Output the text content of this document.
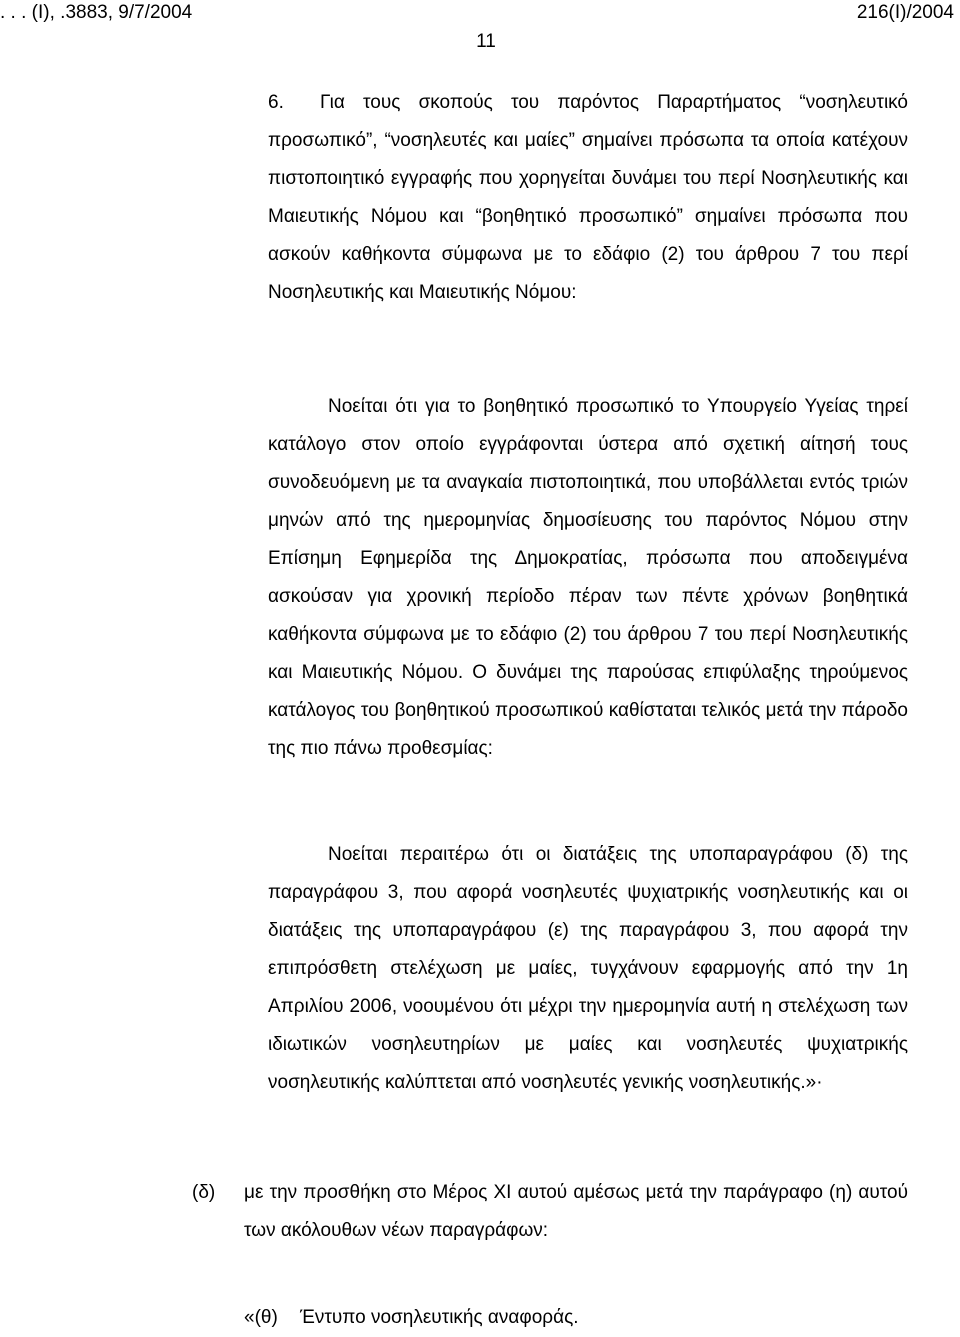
. . . (Ι), .3883, 9/7/2004	216(Ι)/2004
11

6. Για τους σκοπούς του παρόντος Παραρτήματος “νοσηλευτικό προσωπικό”, “νοσηλευτές και μαίες” σημαίνει πρόσωπα τα οποία κατέχουν πιστοποιητικό εγγραφής που χορηγείται δυνάμει του περί Νοσηλευτικής και Μαιευτικής Νόμου και “βοηθητικό προσωπικό” σημαίνει πρόσωπα που ασκούν καθήκοντα σύμφωνα με το εδάφιο (2) του άρθρου 7 του περί Νοσηλευτικής και Μαιευτικής Νόμου:

Νοείται ότι για το βοηθητικό προσωπικό το Υπουργείο Υγείας τηρεί κατάλογο στον οποίο εγγράφονται ύστερα από σχετική αίτησή τους συνοδευόμενη με τα αναγκαία πιστοποιητικά, που υποβάλλεται εντός τριών μηνών από της ημερομηνίας δημοσίευσης του παρόντος Νόμου στην Επίσημη Εφημερίδα της Δημοκρατίας, πρόσωπα που αποδειγμένα ασκούσαν για χρονική περίοδο πέραν των πέντε χρόνων βοηθητικά καθήκοντα σύμφωνα με το εδάφιο (2) του άρθρου 7 του περί Νοσηλευτικής και Μαιευτικής Νόμου. Ο δυνάμει της παρούσας επιφύλαξης τηρούμενος κατάλογος του βοηθητικού προσωπικού καθίσταται τελικός μετά την πάροδο της πιο πάνω προθεσμίας:

Νοείται περαιτέρω ότι οι διατάξεις της υποπαραγράφου (δ) της παραγράφου 3, που αφορά νοσηλευτές ψυχιατρικής νοσηλευτικής και οι διατάξεις της υποπαραγράφου (ε) της παραγράφου 3, που αφορά την επιπρόσθετη στελέχωση με μαίες, τυγχάνουν εφαρμογής από την 1η Απριλίου 2006, νοουμένου ότι μέχρι την ημερομηνία αυτή η στελέχωση των ιδιωτικών νοσηλευτηρίων με μαίες και νοσηλευτές ψυχιατρικής νοσηλευτικής καλύπτεται από νοσηλευτές γενικής νοσηλευτικής.»·

(δ)	με την προσθήκη στο Μέρος ΧΙ αυτού αμέσως μετά την παράγραφο (η) αυτού των ακόλουθων νέων παραγράφων:
«(θ) Έντυπο νοσηλευτικής αναφοράς.
